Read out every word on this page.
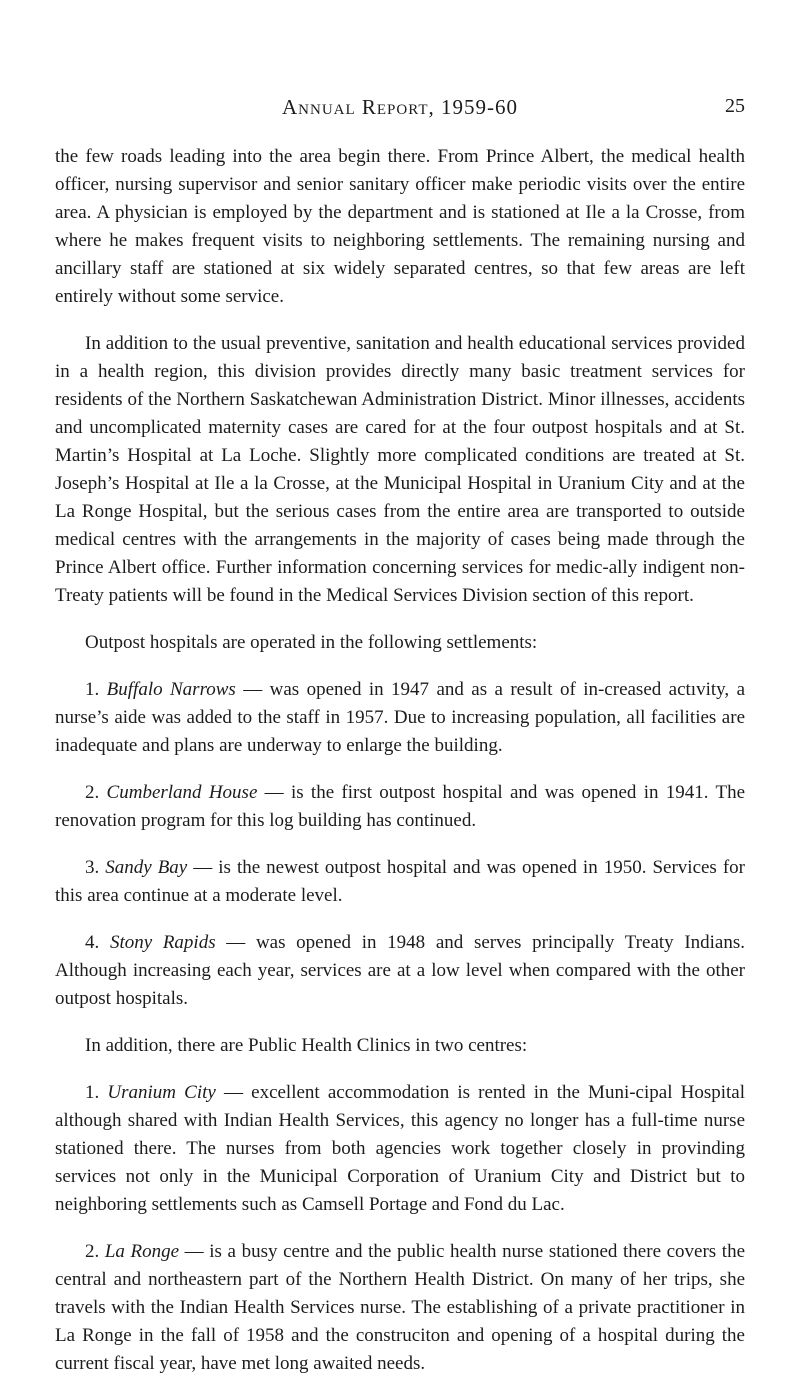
Annual Report, 1959-60	25

the few roads leading into the area begin there. From Prince Albert, the medical health officer, nursing supervisor and senior sanitary officer make periodic visits over the entire area. A physician is employed by the department and is stationed at Ile a la Crosse, from where he makes frequent visits to neighboring settlements. The remaining nursing and ancillary staff are stationed at six widely separated centres, so that few areas are left entirely without some service.

In addition to the usual preventive, sanitation and health educational services provided in a health region, this division provides directly many basic treatment services for residents of the Northern Saskatchewan Administration District. Minor illnesses, accidents and uncomplicated maternity cases are cared for at the four outpost hospitals and at St. Martin’s Hospital at La Loche. Slightly more complicated conditions are treated at St. Joseph’s Hospital at Ile a la Crosse, at the Municipal Hospital in Uranium City and at the La Ronge Hospital, but the serious cases from the entire area are transported to outside medical centres with the arrangements in the majority of cases being made through the Prince Albert office. Further information concerning services for medic-ally indigent non-Treaty patients will be found in the Medical Services Division section of this report.

Outpost hospitals are operated in the following settlements:

1. Buffalo Narrows — was opened in 1947 and as a result of in-creased actıvity, a nurse’s aide was added to the staff in 1957. Due to increasing population, all facilities are inadequate and plans are underway to enlarge the building.

2. Cumberland House — is the first outpost hospital and was opened in 1941. The renovation program for this log building has continued.

3. Sandy Bay — is the newest outpost hospital and was opened in 1950. Services for this area continue at a moderate level.

4. Stony Rapids — was opened in 1948 and serves principally Treaty Indians. Although increasing each year, services are at a low level when compared with the other outpost hospitals.

In addition, there are Public Health Clinics in two centres:

1. Uranium City — excellent accommodation is rented in the Muni-cipal Hospital although shared with Indian Health Services, this agency no longer has a full-time nurse stationed there. The nurses from both agencies work together closely in provinding services not only in the Municipal Corporation of Uranium City and District but to neighboring settlements such as Camsell Portage and Fond du Lac.

2. La Ronge — is a busy centre and the public health nurse stationed there covers the central and northeastern part of the Northern Health District. On many of her trips, she travels with the Indian Health Services nurse. The establishing of a private practitioner in La Ronge in the fall of 1958 and the construciton and opening of a hospital during the current fiscal year, have met long awaited needs.
